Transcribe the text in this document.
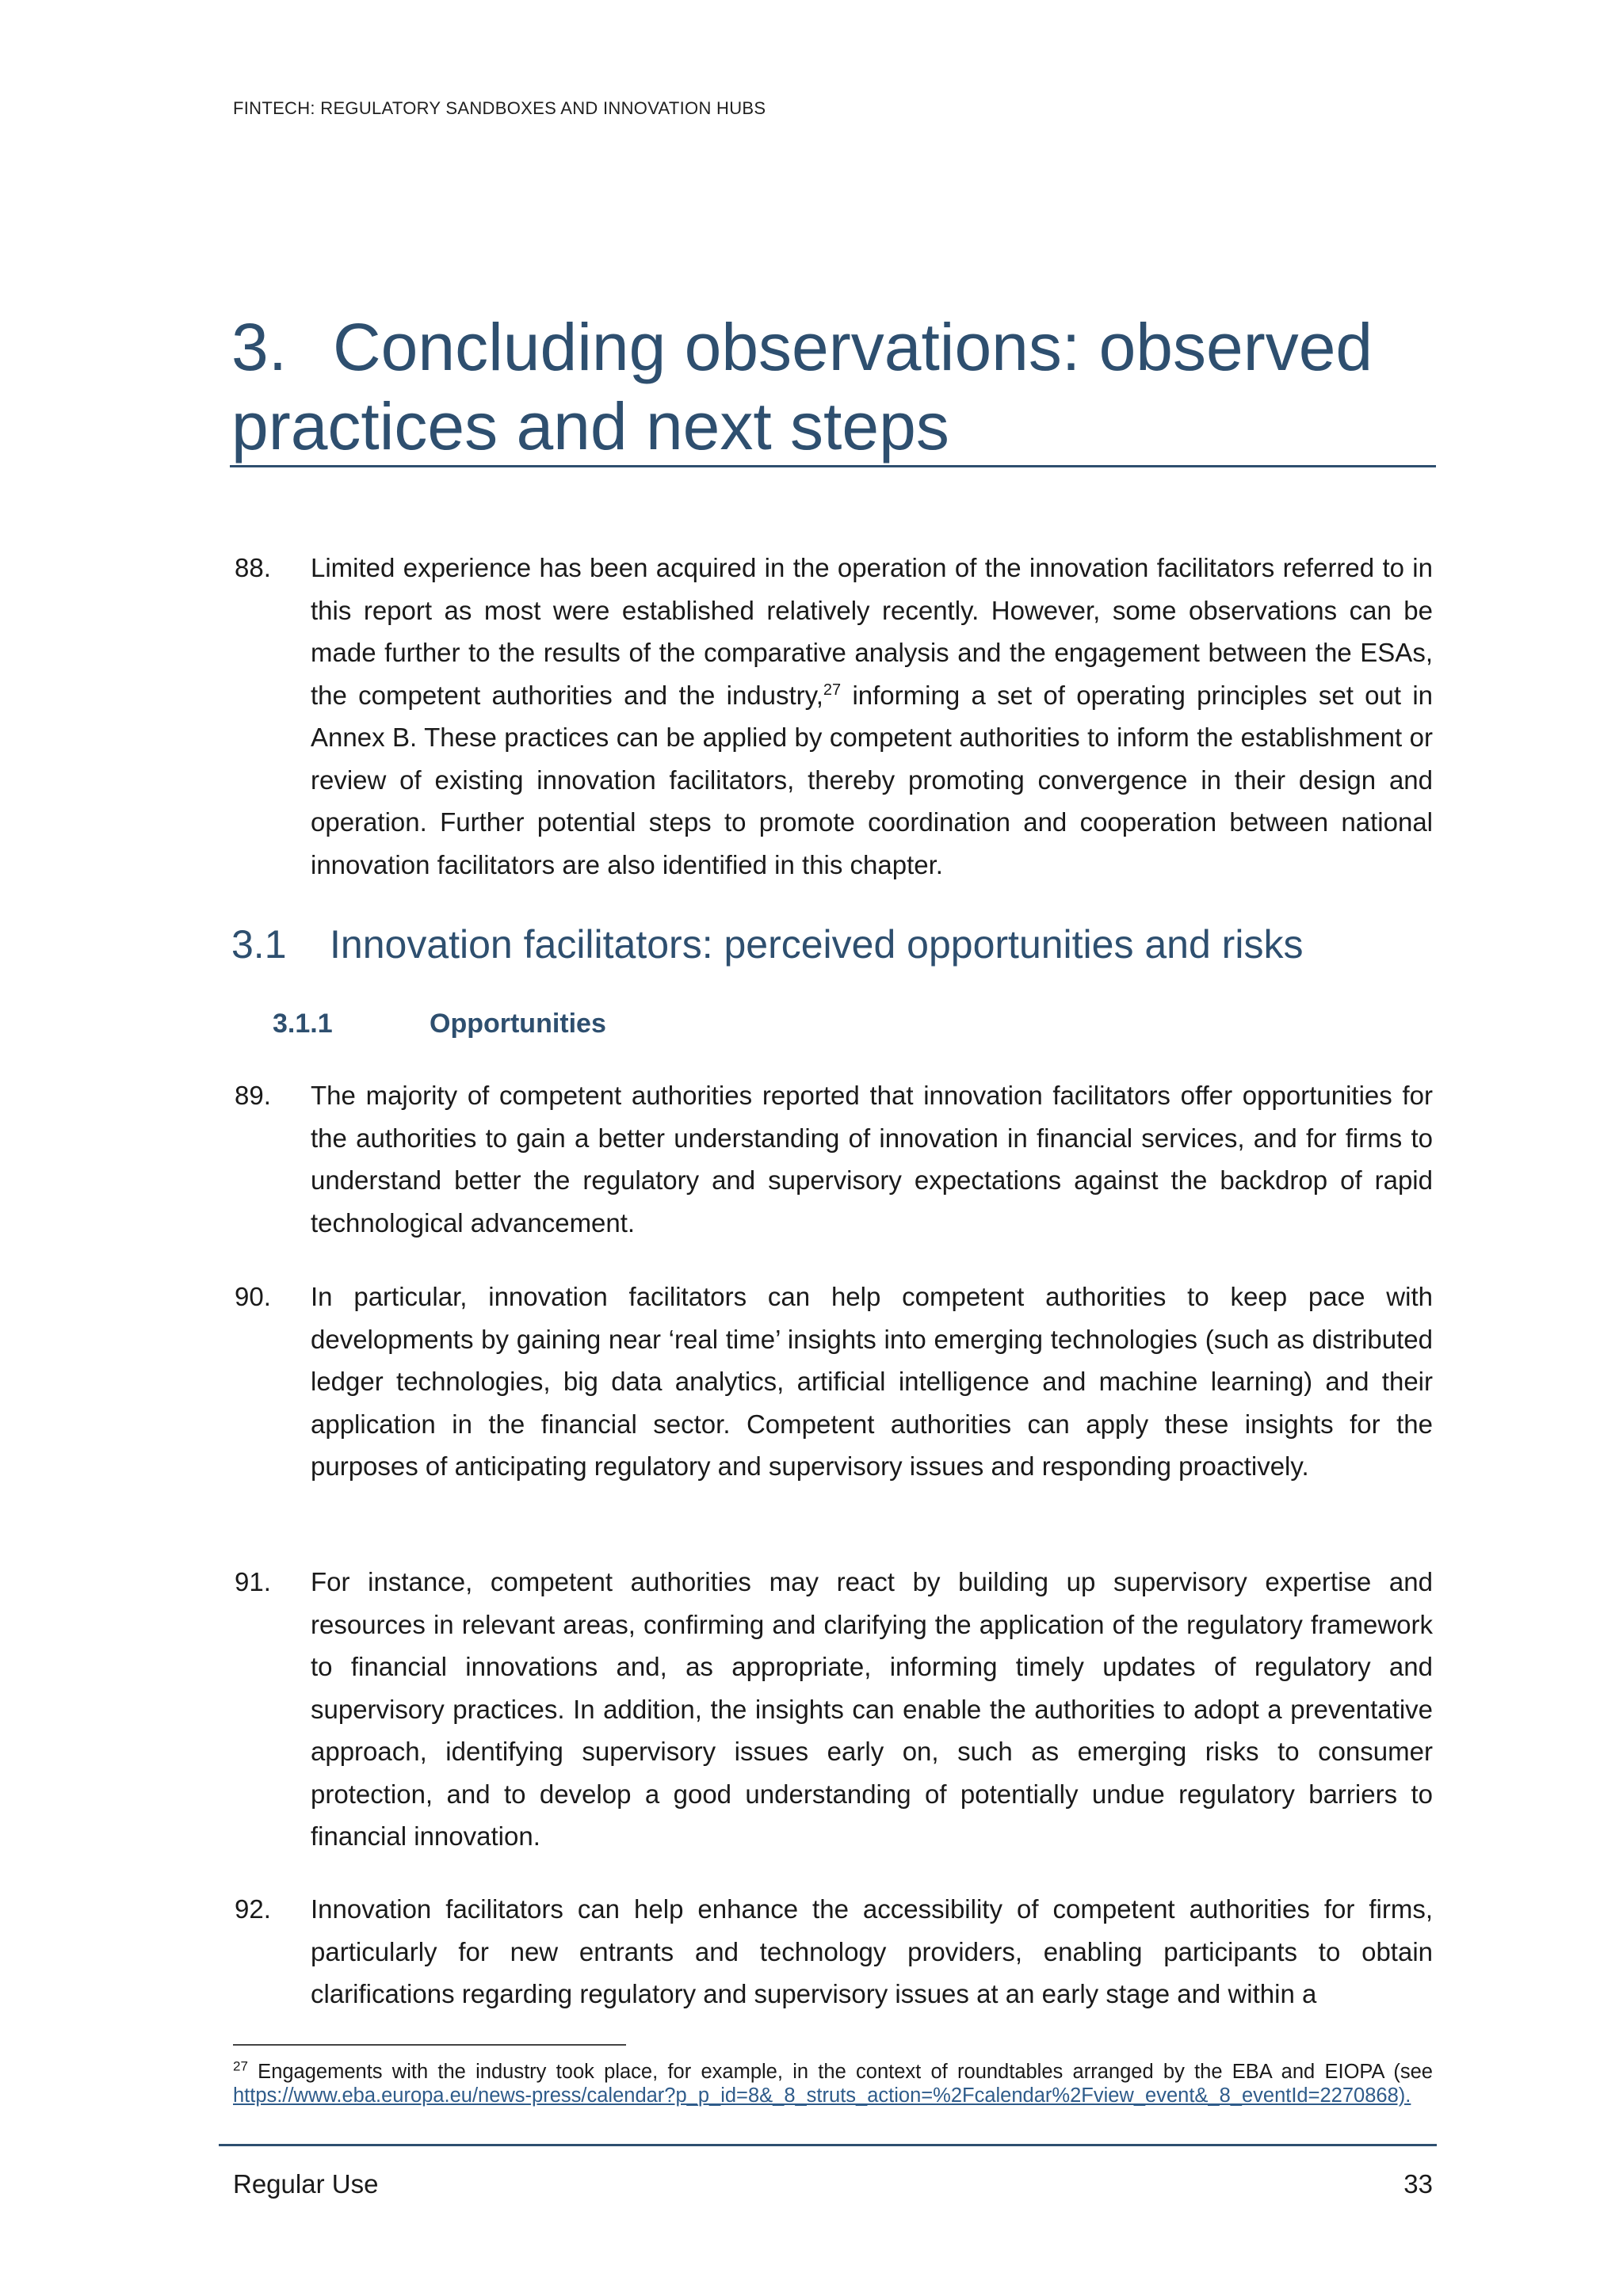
FINTECH: REGULATORY SANDBOXES AND INNOVATION HUBS
3. Concluding observations: observed
practices and next steps

88. Limited experience has been acquired in the operation of the innovation facilitators referred to in this report as most were established relatively recently. However, some observations can be made further to the results of the comparative analysis and the engagement between the ESAs, the competent authorities and the industry,$^{27}$ informing a set of operating principles set out in Annex B. These practices can be applied by competent authorities to inform the establishment or review of existing innovation facilitators, thereby promoting convergence in their design and operation. Further potential steps to promote coordination and cooperation between national innovation facilitators are also identified in this chapter.

3.1 Innovation facilitators: perceived opportunities and risks
3.1.1	Opportunities

89. The majority of competent authorities reported that innovation facilitators offer opportunities for the authorities to gain a better understanding of innovation in financial services, and for firms to understand better the regulatory and supervisory expectations against the backdrop of rapid technological advancement.

90. In particular, innovation facilitators can help competent authorities to keep pace with developments by gaining near ‘real time’ insights into emerging technologies (such as distributed ledger technologies, big data analytics, artificial intelligence and machine learning) and their application in the financial sector. Competent authorities can apply these insights for the purposes of anticipating regulatory and supervisory issues and responding proactively.

91. For instance, competent authorities may react by building up supervisory expertise and resources in relevant areas, confirming and clarifying the application of the regulatory framework to financial innovations and, as appropriate, informing timely updates of regulatory and supervisory practices. In addition, the insights can enable the authorities to adopt a preventative approach, identifying supervisory issues early on, such as emerging risks to consumer protection, and to develop a good understanding of potentially undue regulatory barriers to financial innovation.

92. Innovation facilitators can help enhance the accessibility of competent authorities for firms, particularly for new entrants and technology providers, enabling participants to obtain clarifications regarding regulatory and supervisory issues at an early stage and within a

$^{27}$ Engagements with the industry took place, for example, in the context of roundtables arranged by the EBA and EIOPA (see https://www.eba.europa.eu/news-press/calendar?p_p_id=8&_8_struts_action=%2Fcalendar%2Fview_event&_8_eventId=2270868).
Regular Use	33
